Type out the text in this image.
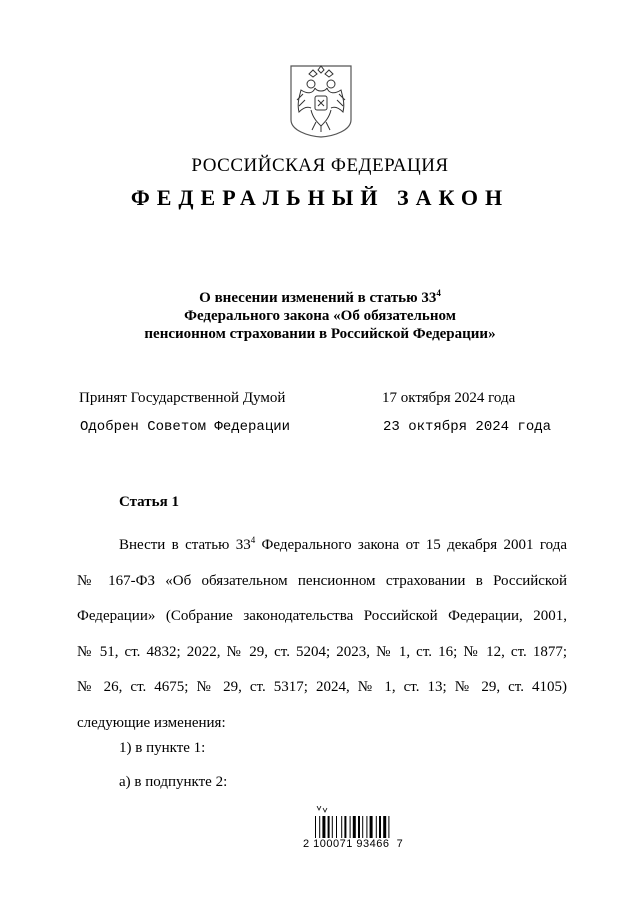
РОССИЙСКАЯ ФЕДЕРАЦИЯ
ФЕДЕРАЛЬНЫЙ ЗАКОН
О внесении изменений в статью $33^4$
Федерального закона «Об обязательном
пенсионном страховании в Российской Федерации»
Принят Государственной Думой	17 октября 2024 года
Одобрен Советом Федерации	23 октября 2024 года
Статья 1
Внести в статью $33^4$ Федерального закона от 15 декабря 2001 года
№ 167-ФЗ «Об обязательном пенсионном страховании в Российской
Федерации» (Собрание законодательства Российской Федерации, 2001,
№ 51, ст. 4832; 2022, № 29, ст. 5204; 2023, № 1, ст. 16; № 12, ст. 1877;
№ 26, ст. 4675; № 29, ст. 5317; 2024, № 1, ст. 13; № 29, ст. 4105)
следующие изменения:
1) в пункте 1:
а) в подпункте 2:
2 100071 93466  7
